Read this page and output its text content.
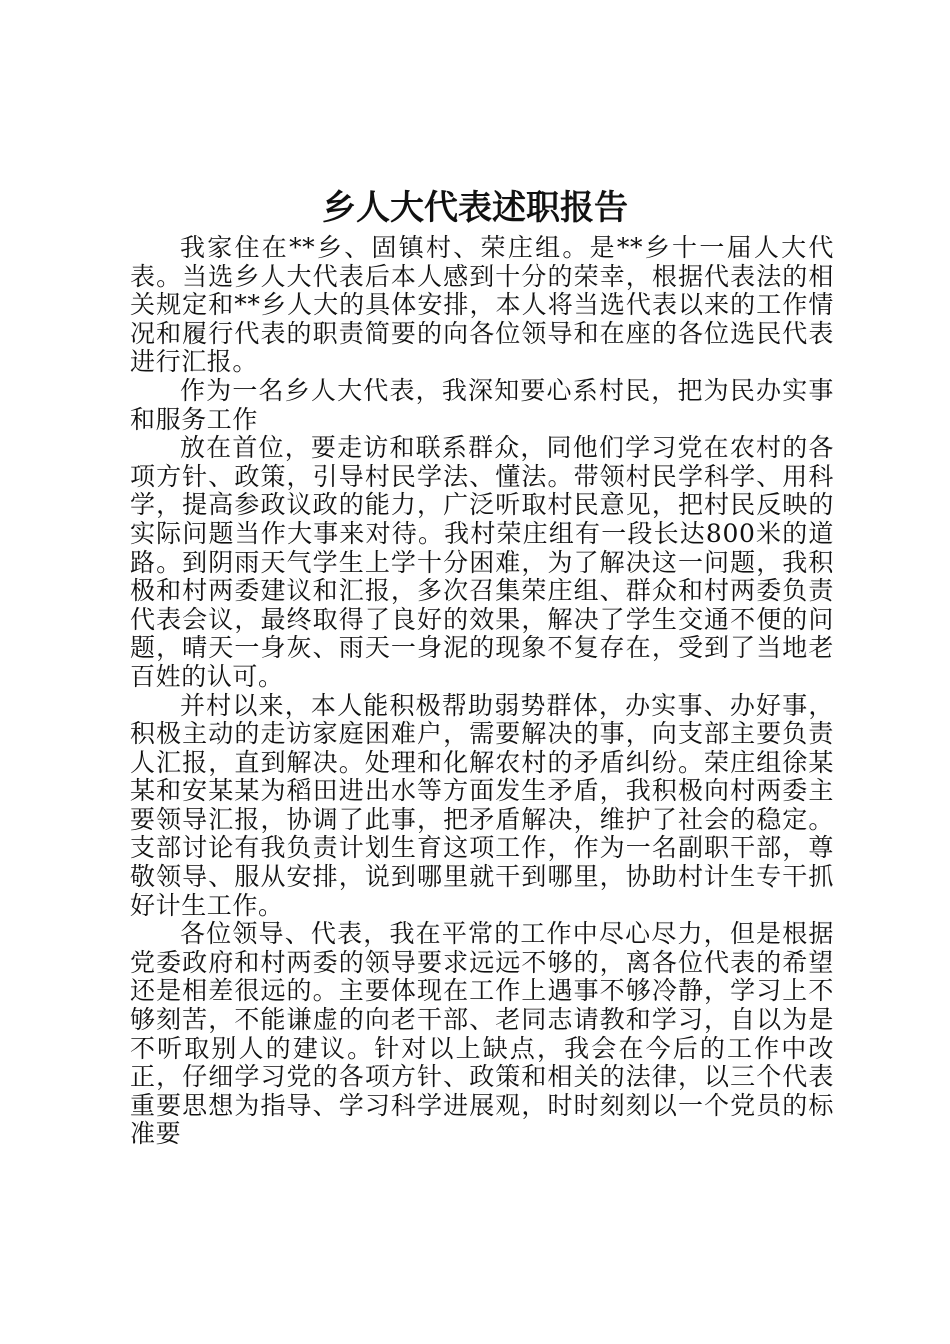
乡人大代表述职报告

我家住在**乡、固镇村、荣庄组。是**乡十一届人大代表。当选乡人大代表后本人感到十分的荣幸，根据代表法的相关规定和**乡人大的具体安排，本人将当选代表以来的工作情况和履行代表的职责简要的向各位领导和在座的各位选民代表进行汇报。

作为一名乡人大代表，我深知要心系村民，把为民办实事和服务工作

放在首位，要走访和联系群众，同他们学习党在农村的各项方针、政策，引导村民学法、懂法。带领村民学科学、用科学，提高参政议政的能力，广泛听取村民意见，把村民反映的实际问题当作大事来对待。我村荣庄组有一段长达800米的道路。到阴雨天气学生上学十分困难，为了解决这一问题，我积极和村两委建议和汇报，多次召集荣庄组、群众和村两委负责代表会议，最终取得了良好的效果，解决了学生交通不便的问题，晴天一身灰、雨天一身泥的现象不复存在，受到了当地老百姓的认可。

并村以来，本人能积极帮助弱势群体，办实事、办好事，积极主动的走访家庭困难户，需要解决的事，向支部主要负责人汇报，直到解决。处理和化解农村的矛盾纠纷。荣庄组徐某某和安某某为稻田进出水等方面发生矛盾，我积极向村两委主要领导汇报，协调了此事，把矛盾解决，维护了社会的稳定。支部讨论有我负责计划生育这项工作，作为一名副职干部，尊敬领导、服从安排，说到哪里就干到哪里，协助村计生专干抓好计生工作。

各位领导、代表，我在平常的工作中尽心尽力，但是根据党委政府和村两委的领导要求远远不够的，离各位代表的希望还是相差很远的。主要体现在工作上遇事不够冷静，学习上不够刻苦，不能谦虚的向老干部、老同志请教和学习，自以为是不听取别人的建议。针对以上缺点，我会在今后的工作中改正，仔细学习党的各项方针、政策和相关的法律，以三个代表重要思想为指导、学习科学进展观，时时刻刻以一个党员的标准要
